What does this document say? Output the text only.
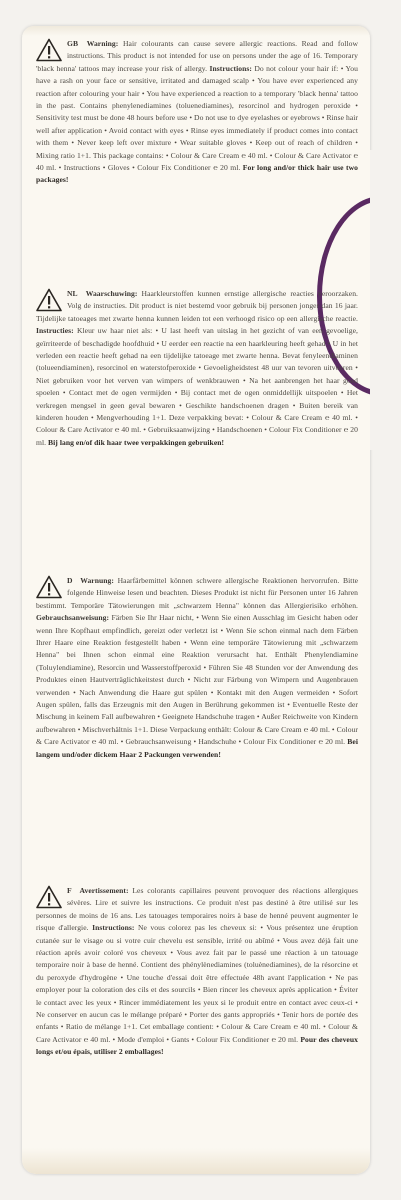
GB Warning: Hair colourants can cause severe allergic reactions. Read and follow instructions. This product is not intended for use on persons under the age of 16. Temporary 'black henna' tattoos may increase your risk of allergy. Instructions: Do not colour your hair if: • You have a rash on your face or sensitive, irritated and damaged scalp • You have ever experienced any reaction after colouring your hair • You have experienced a reaction to a temporary 'black henna' tattoo in the past. Contains phenylenediamines (toluenediamines), resorcinol and hydrogen peroxide • Sensitivity test must be done 48 hours before use • Do not use to dye eyelashes or eyebrows • Rinse hair well after application • Avoid contact with eyes • Rinse eyes immediately if product comes into contact with them • Never keep left over mixture • Wear suitable gloves • Keep out of reach of children • Mixing ratio 1+1. This package contains: • Colour & Care Cream ℮ 40 ml. • Colour & Care Activator ℮ 40 ml. • Instructions • Gloves • Colour Fix Conditioner ℮ 20 ml. For long and/or thick hair use two packages!
NL Waarschuwing: Haarkleurstoffen kunnen ernstige allergische reacties veroorzaken. Volg de instructies. Dit product is niet bestemd voor gebruik bij personen jonger dan 16 jaar. Tijdelijke tatoeages met zwarte henna kunnen leiden tot een verhoogd risico op een allergische reactie. Instructies: Kleur uw haar niet als: • U last heeft van uitslag in het gezicht of van een gevoelige, geïrriteerde of beschadigde hoofdhuid • U eerder een reactie na een haarkleuring heeft gehad • U in het verleden een reactie heeft gehad na een tijdelijke tatoeage met zwarte henna. Bevat fenyleendiaminen (tolueendiaminen), resorcinol en waterstofperoxide • Gevoeligheidstest 48 uur van tevoren uitvoeren • Niet gebruiken voor het verven van wimpers of wenkbrauwen • Na het aanbrengen het haar goed spoelen • Contact met de ogen vermijden • Bij contact met de ogen onmiddellijk uitspoelen • Het verkregen mengsel in geen geval bewaren • Geschikte handschoenen dragen • Buiten bereik van kinderen houden • Mengverhouding 1+1. Deze verpakking bevat: • Colour & Care Cream ℮ 40 ml. • Colour & Care Activator ℮ 40 ml. • Gebruiksaanwijzing • Handschoenen • Colour Fix Conditioner ℮ 20 ml. Bij lang en/of dik haar twee verpakkingen gebruiken!
D Warnung: Haarfärbemittel können schwere allergische Reaktionen hervorrufen. Bitte folgende Hinweise lesen und beachten. Dieses Produkt ist nicht für Personen unter 16 Jahren bestimmt. Temporäre Tätowierungen mit „schwarzem Henna" können das Allergierisiko erhöhen. Gebrauchsanweisung: Färben Sie Ihr Haar nicht, • Wenn Sie einen Ausschlag im Gesicht haben oder wenn Ihre Kopfhaut empfindlich, gereizt oder verletzt ist • Wenn Sie schon einmal nach dem Färben Ihrer Haare eine Reaktion festgestellt haben • Wenn eine temporäre Tätowierung mit „schwarzem Henna" bei Ihnen schon einmal eine Reaktion verursacht hat. Enthält Phenylendiamine (Toluylendiamine), Resorcin und Wasserstoffperoxid • Führen Sie 48 Stunden vor der Anwendung des Produktes einen Hautverträglichkeitstest durch • Nicht zur Färbung von Wimpern und Augenbrauen verwenden • Nach Anwendung die Haare gut spülen • Kontakt mit den Augen vermeiden • Sofort Augen spülen, falls das Erzeugnis mit den Augen in Berührung gekommen ist • Eventuelle Reste der Mischung in keinem Fall aufbewahren • Geeignete Handschuhe tragen • Außer Reichweite von Kindern aufbewahren • Mischverhältnis 1+1. Diese Verpackung enthält: Colour & Care Cream ℮ 40 ml. • Colour & Care Activator ℮ 40 ml. • Gebrauchsanweisung • Handschuhe • Colour Fix Conditioner ℮ 20 ml. Bei langem und/oder dickem Haar 2 Packungen verwenden!
F Avertissement: Les colorants capillaires peuvent provoquer des réactions allergiques sévères. Lire et suivre les instructions. Ce produit n'est pas destiné à être utilisé sur les personnes de moins de 16 ans. Les tatouages temporaires noirs à base de henné peuvent augmenter le risque d'allergie. Instructions: Ne vous colorez pas les cheveux si: • Vous présentez une éruption cutanée sur le visage ou si votre cuir chevelu est sensible, irrité ou abîmé • Vous avez déjà fait une réaction après avoir coloré vos cheveux • Vous avez fait par le passé une réaction à un tatouage temporaire noir à base de henné. Contient des phénylènediamines (toluènediamines), de la résorcine et du peroxyde d'hydrogène • Une touche d'essai doit être effectuée 48h avant l'application • Ne pas employer pour la coloration des cils et des sourcils • Bien rincer les cheveux après application • Éviter le contact avec les yeux • Rincer immédiatement les yeux si le produit entre en contact avec ceux-ci • Ne conserver en aucun cas le mélange préparé • Porter des gants appropriés • Tenir hors de portée des enfants • Ratio de mélange 1+1. Cet emballage contient: • Colour & Care Cream ℮ 40 ml. • Colour & Care Activator ℮ 40 ml. • Mode d'emploi • Gants • Colour Fix Conditioner ℮ 20 ml. Pour des cheveux longs et/ou épais, utiliser 2 emballages!
